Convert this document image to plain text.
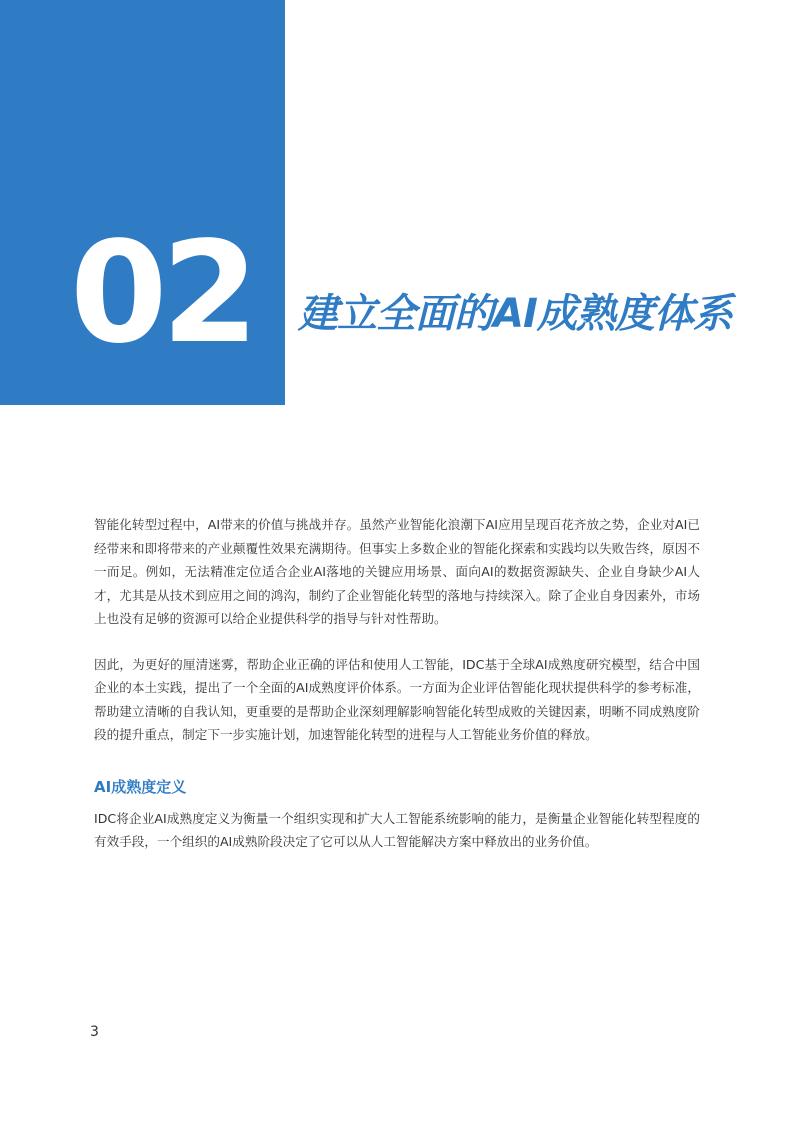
02 建立全面的AI成熟度体系

智能化转型过程中，AI带来的价值与挑战并存。虽然产业智能化浪潮下AI应用呈现百花齐放之势，企业对AI已经带来和即将带来的产业颠覆性效果充满期待。但事实上多数企业的智能化探索和实践均以失败告终，原因不一而足。例如，无法精准定位适合企业AI落地的关键应用场景、面向AI的数据资源缺失、企业自身缺少AI人才，尤其是从技术到应用之间的鸿沟，制约了企业智能化转型的落地与持续深入。除了企业自身因素外，市场上也没有足够的资源可以给企业提供科学的指导与针对性帮助。

因此，为更好的厘清迷雾，帮助企业正确的评估和使用人工智能，IDC基于全球AI成熟度研究模型，结合中国企业的本土实践，提出了一个全面的AI成熟度评价体系。一方面为企业评估智能化现状提供科学的参考标准，帮助建立清晰的自我认知，更重要的是帮助企业深刻理解影响智能化转型成败的关键因素，明晰不同成熟度阶段的提升重点，制定下一步实施计划，加速智能化转型的进程与人工智能业务价值的释放。

AI成熟度定义

IDC将企业AI成熟度定义为衡量一个组织实现和扩大人工智能系统影响的能力，是衡量企业智能化转型程度的有效手段，一个组织的AI成熟阶段决定了它可以从人工智能解决方案中释放出的业务价值。

3
